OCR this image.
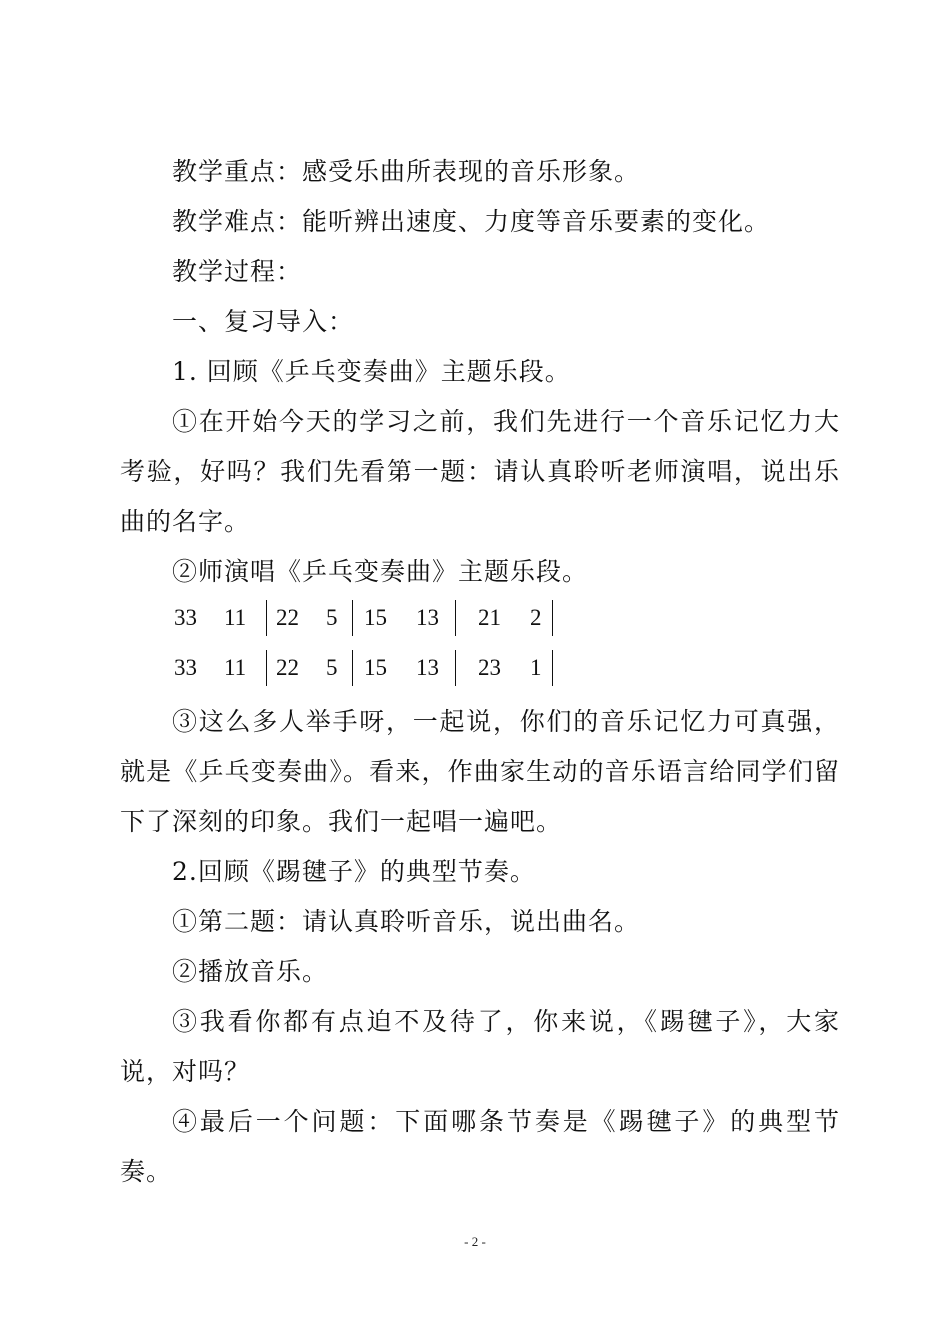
教学重点：感受乐曲所表现的音乐形象。

教学难点：能听辨出速度、力度等音乐要素的变化。

教学过程：

一、复习导入：

1. 回顾《乒乓变奏曲》主题乐段。

①在开始今天的学习之前，我们先进行一个音乐记忆力大考验，好吗？我们先看第一题：请认真聆听老师演唱，说出乐曲的名字。

②师演唱《乒乓变奏曲》主题乐段。

33 11 22 5 15 13 21 2
33 11 22 5 15 13 23 1

③这么多人举手呀，一起说，你们的音乐记忆力可真强，就是《乒乓变奏曲》。看来，作曲家生动的音乐语言给同学们留下了深刻的印象。我们一起唱一遍吧。

2.回顾《踢毽子》的典型节奏。

①第二题：请认真聆听音乐，说出曲名。

②播放音乐。

③我看你都有点迫不及待了，你来说，《踢毽子》，大家说，对吗？

④最后一个问题：下面哪条节奏是《踢毽子》的典型节奏。

- 2 -
